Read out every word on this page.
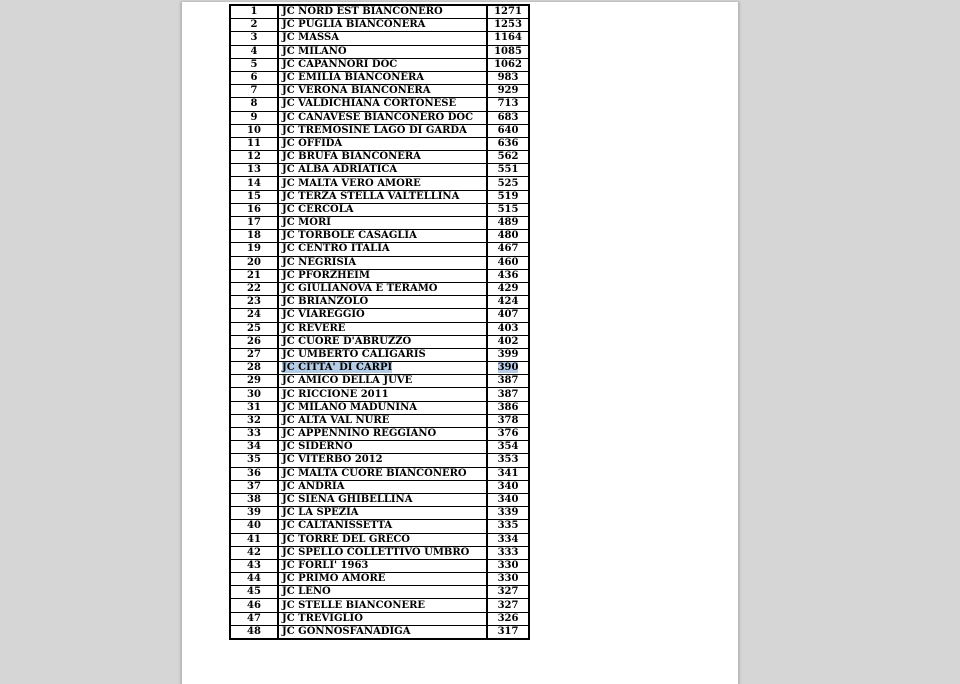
1	JC NORD EST BIANCONERO	1271
2	JC PUGLIA BIANCONERA	1253
3	JC MASSA	1164
4	JC MILANO	1085
5	JC CAPANNORI DOC	1062
6	JC EMILIA BIANCONERA	983
7	JC VERONA BIANCONERA	929
8	JC VALDICHIANA CORTONESE	713
9	JC CANAVESE BIANCONERO DOC	683
10	JC TREMOSINE LAGO DI GARDA	640
11	JC OFFIDA	636
12	JC BRUFA BIANCONERA	562
13	JC ALBA ADRIATICA	551
14	JC MALTA VERO AMORE	525
15	JC TERZA STELLA VALTELLINA	519
16	JC CERCOLA	515
17	JC MORI	489
18	JC TORBOLE CASAGLIA	480
19	JC CENTRO ITALIA	467
20	JC NEGRISIA	460
21	JC PFORZHEIM	436
22	JC GIULIANOVA E TERAMO	429
23	JC BRIANZOLO	424
24	JC VIAREGGIO	407
25	JC REVERE	403
26	JC CUORE D'ABRUZZO	402
27	JC UMBERTO CALIGARIS	399
28	JC CITTA' DI CARPI	390
29	JC AMICO DELLA JUVE	387
30	JC RICCIONE 2011	387
31	JC MILANO MADUNINA	386
32	JC ALTA VAL NURE	378
33	JC APPENNINO REGGIANO	376
34	JC SIDERNO	354
35	JC VITERBO 2012	353
36	JC MALTA CUORE BIANCONERO	341
37	JC ANDRIA	340
38	JC SIENA GHIBELLINA	340
39	JC LA SPEZIA	339
40	JC CALTANISSETTA	335
41	JC TORRE DEL GRECO	334
42	JC SPELLO COLLETTIVO UMBRO	333
43	JC FORLI' 1963	330
44	JC PRIMO AMORE	330
45	JC LENO	327
46	JC STELLE BIANCONERE	327
47	JC TREVIGLIO	326
48	JC GONNOSFANADIGA	317
